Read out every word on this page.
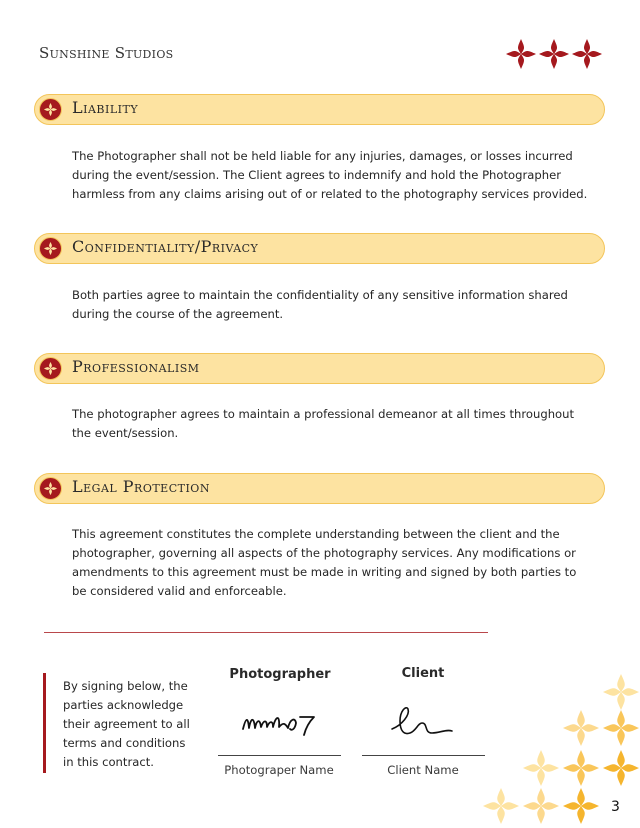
Sunshine Studios
Liability
The Photographer shall not be held liable for any injuries, damages, or losses incurred during the event/session. The Client agrees to indemnify and hold the Photographer harmless from any claims arising out of or related to the photography services provided.
Confidentiality/Privacy
Both parties agree to maintain the confidentiality of any sensitive information shared during the course of the agreement.
Professionalism
The photographer agrees to maintain a professional demeanor at all times throughout the event/session.
Legal Protection
This agreement constitutes the complete understanding between the client and the photographer, governing all aspects of the photography services. Any modifications or amendments to this agreement must be made in writing and signed by both parties to be considered valid and enforceable.
By signing below, the parties acknowledge their agreement to all terms and conditions in this contract.
Photographer
Photograper Name
Client
Client Name
3
